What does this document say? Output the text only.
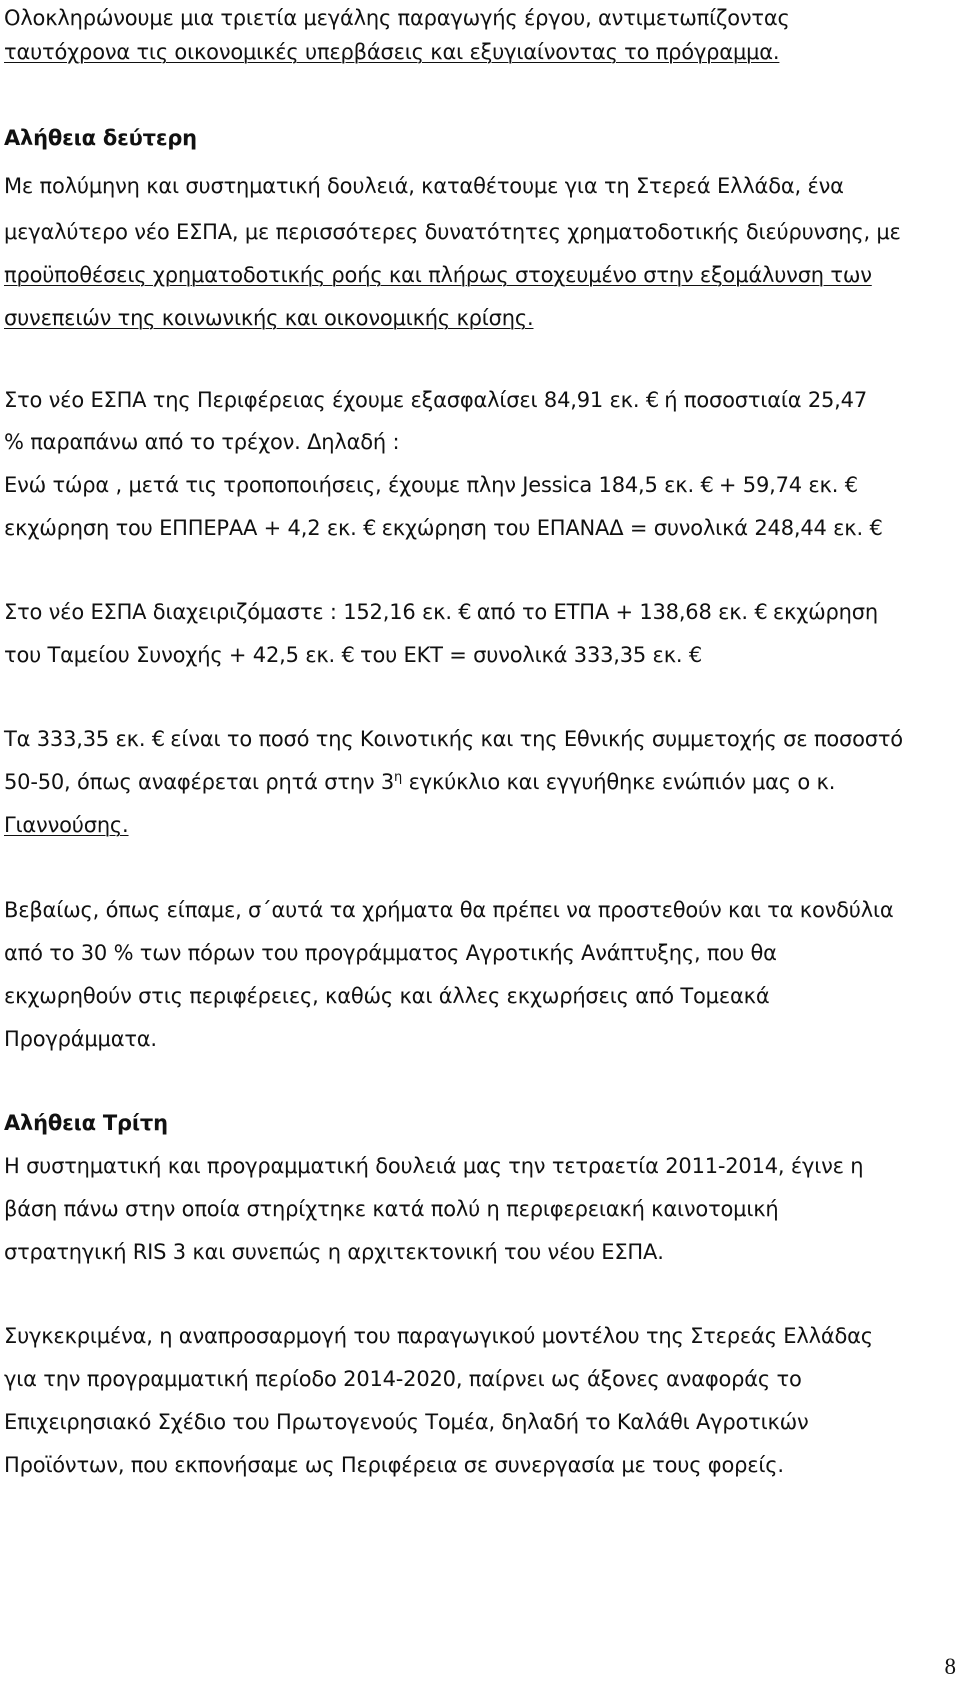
Ολοκληρώνουμε μια τριετία μεγάλης παραγωγής έργου, αντιμετωπίζοντας
ταυτόχρονα τις οικονομικές υπερβάσεις και εξυγιαίνοντας το πρόγραμμα.
Αλήθεια δεύτερη
Με πολύμηνη και συστηματική δουλειά, καταθέτουμε για τη Στερεά Ελλάδα, ένα
μεγαλύτερο νέο ΕΣΠΑ, με περισσότερες δυνατότητες χρηματοδοτικής διεύρυνσης, με
προϋποθέσεις χρηματοδοτικής ροής και πλήρως στοχευμένο στην εξομάλυνση των
συνεπειών της κοινωνικής και οικονομικής κρίσης.
Στο νέο ΕΣΠΑ της Περιφέρειας έχουμε εξασφαλίσει 84,91 εκ. € ή ποσοστιαία 25,47
% παραπάνω από το τρέχον. Δηλαδή :
Ενώ τώρα , μετά τις τροποποιήσεις, έχουμε πλην Jessica 184,5 εκ. € + 59,74 εκ. €
εκχώρηση του ΕΠΠΕΡΑΑ + 4,2 εκ. € εκχώρηση του ΕΠΑΝΑΔ = συνολικά 248,44 εκ. €
Στο νέο ΕΣΠΑ διαχειριζόμαστε : 152,16 εκ. € από το ΕΤΠΑ + 138,68 εκ. € εκχώρηση
του Ταμείου Συνοχής + 42,5 εκ. € του ΕΚΤ = συνολικά 333,35 εκ. €
Τα 333,35 εκ. € είναι το ποσό της Κοινοτικής και της Εθνικής συμμετοχής σε ποσοστό
50-50, όπως αναφέρεται ρητά στην $3^\eta$ εγκύκλιο και εγγυήθηκε ενώπιόν μας ο κ.
Γιαννούσης.
Βεβαίως, όπως είπαμε, σ΄αυτά τα χρήματα θα πρέπει να προστεθούν και τα κονδύλια
από το 30 % των πόρων του προγράμματος Αγροτικής Ανάπτυξης, που θα
εκχωρηθούν στις περιφέρειες, καθώς και άλλες εκχωρήσεις από Τομεακά
Προγράμματα.
Αλήθεια Τρίτη
Η συστηματική και προγραμματική δουλειά μας την τετραετία 2011-2014, έγινε η
βάση πάνω στην οποία στηρίχτηκε κατά πολύ η περιφερειακή καινοτομική
στρατηγική RIS 3 και συνεπώς η αρχιτεκτονική του νέου ΕΣΠΑ.
Συγκεκριμένα, η αναπροσαρμογή του παραγωγικού μοντέλου της Στερεάς Ελλάδας
για την προγραμματική περίοδο 2014-2020, παίρνει ως άξονες αναφοράς το
Επιχειρησιακό Σχέδιο του Πρωτογενούς Τομέα, δηλαδή το Καλάθι Αγροτικών
Προϊόντων, που εκπονήσαμε ως Περιφέρεια σε συνεργασία με τους φορείς.
8
